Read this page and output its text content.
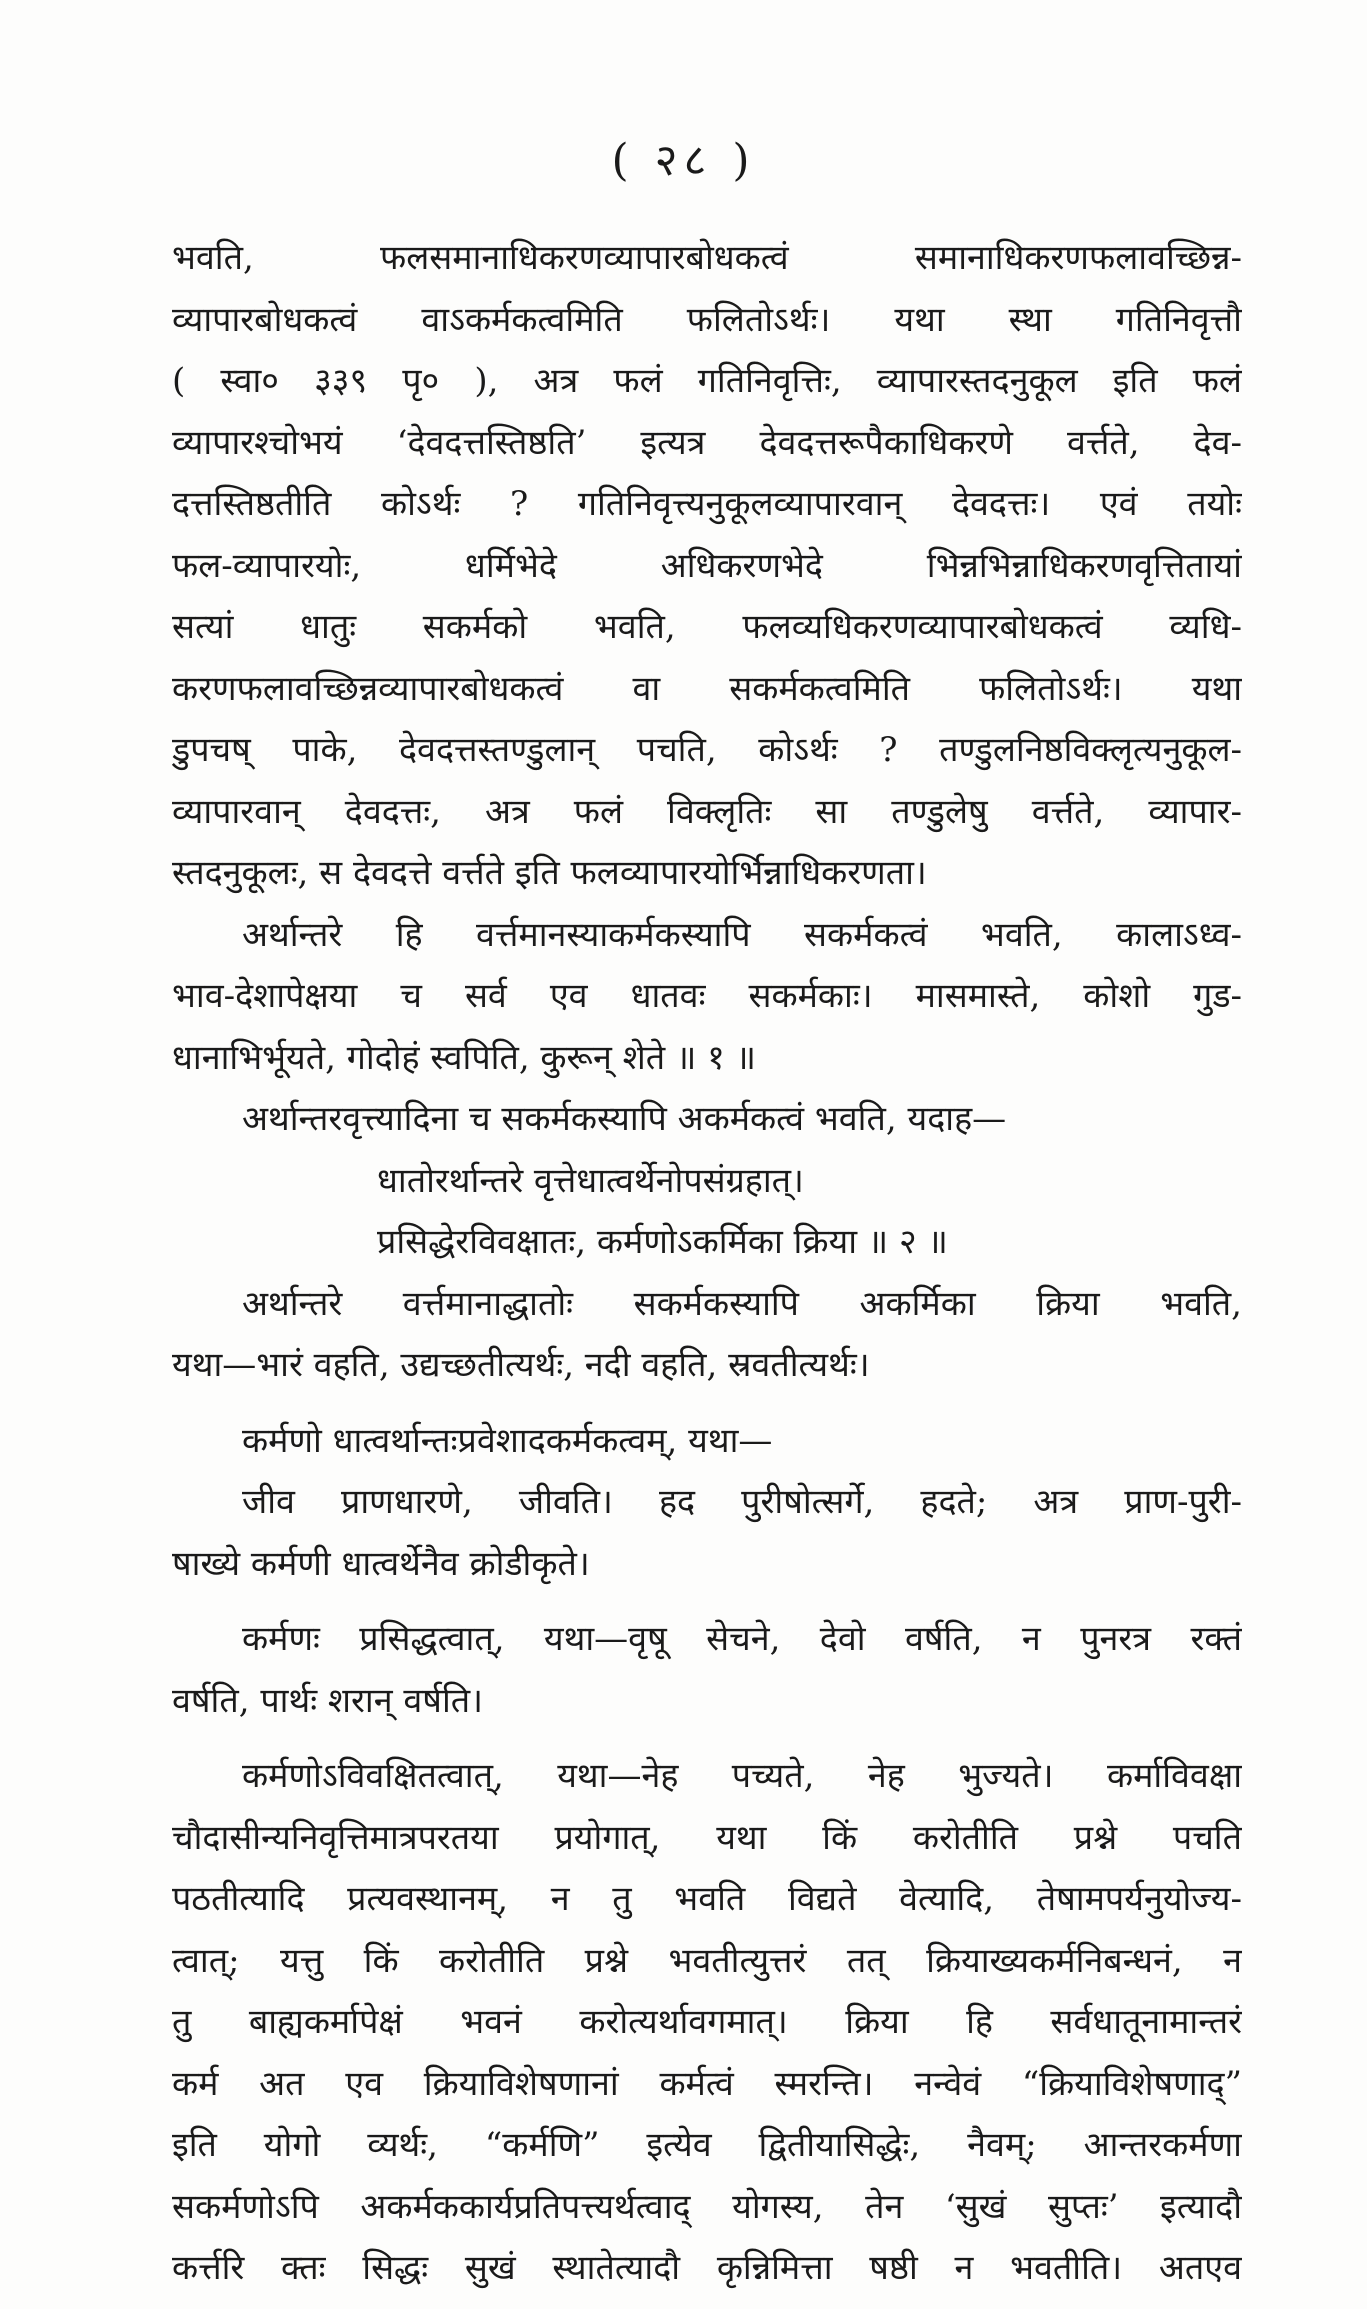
( २८ )
भवति, फलसमानाधिकरणव्यापारबोधकत्वं समानाधिकरणफलावच्छिन्न-
व्यापारबोधकत्वं वाऽकर्मकत्वमिति फलितोऽर्थः। यथा स्था गतिनिवृत्तौ
( स्वा० ३३९ पृ० ), अत्र फलं गतिनिवृत्तिः, व्यापारस्तदनुकूल इति फलं
व्यापारश्चोभयं ‘देवदत्तस्तिष्ठति’ इत्यत्र देवदत्तरूपैकाधिकरणे वर्त्तते, देव-
दत्तस्तिष्ठतीति कोऽर्थः ? गतिनिवृत्त्यनुकूलव्यापारवान् देवदत्तः। एवं तयोः
फल-व्यापारयोः, धर्मिभेदे अधिकरणभेदे भिन्नभिन्नाधिकरणवृत्तितायां
सत्यां धातुः सकर्मको भवति, फलव्यधिकरणव्यापारबोधकत्वं व्यधि-
करणफलावच्छिन्नव्यापारबोधकत्वं वा सकर्मकत्वमिति फलितोऽर्थः। यथा
डुपचष् पाके, देवदत्तस्तण्डुलान् पचति, कोऽर्थः ? तण्डुलनिष्ठविक्लृत्यनुकूल-
व्यापारवान् देवदत्तः, अत्र फलं विक्लृतिः सा तण्डुलेषु वर्त्तते, व्यापार-
स्तदनुकूलः, स देवदत्ते वर्त्तते इति फलव्यापारयोर्भिन्नाधिकरणता।
अर्थान्तरे हि वर्त्तमानस्याकर्मकस्यापि सकर्मकत्वं भवति, कालाऽध्व-
भाव-देशापेक्षया च सर्व एव धातवः सकर्मकाः। मासमास्ते, कोशो गुड-
धानाभिर्भूयते, गोदोहं स्वपिति, कुरून् शेते ॥ १ ॥
अर्थान्तरवृत्त्यादिना च सकर्मकस्यापि अकर्मकत्वं भवति, यदाह—
धातोरर्थान्तरे वृत्तेधात्वर्थेनोपसंग्रहात्।
प्रसिद्धेरविवक्षातः, कर्मणोऽकर्मिका क्रिया ॥ २ ॥
अर्थान्तरे वर्त्तमानाद्धातोः सकर्मकस्यापि अकर्मिका क्रिया भवति,
यथा—भारं वहति, उद्यच्छतीत्यर्थः, नदी वहति, स्रवतीत्यर्थः।
कर्मणो धात्वर्थान्तःप्रवेशादकर्मकत्वम्, यथा—
जीव प्राणधारणे, जीवति। हद पुरीषोत्सर्गे, हदते; अत्र प्राण-पुरी-
षाख्ये कर्मणी धात्वर्थेनैव क्रोडीकृते।
कर्मणः प्रसिद्धत्वात्, यथा—वृषू सेचने, देवो वर्षति, न पुनरत्र रक्तं
वर्षति, पार्थः शरान् वर्षति।
कर्मणोऽविवक्षितत्वात्, यथा—नेह पच्यते, नेह भुज्यते। कर्माविवक्षा
चौदासीन्यनिवृत्तिमात्रपरतया प्रयोगात्, यथा किं करोतीति प्रश्ने पचति
पठतीत्यादि प्रत्यवस्थानम्, न तु भवति विद्यते वेत्यादि, तेषामपर्यनुयोज्य-
त्वात्; यत्तु किं करोतीति प्रश्ने भवतीत्युत्तरं तत् क्रियाख्यकर्मनिबन्धनं, न
तु बाह्यकर्मापेक्षं भवनं करोत्यर्थावगमात्। क्रिया हि सर्वधातूनामान्तरं
कर्म अत एव क्रियाविशेषणानां कर्मत्वं स्मरन्ति। नन्वेवं “क्रियाविशेषणाद्”
इति योगो व्यर्थः, “कर्मणि” इत्येव द्वितीयासिद्धेः, नैवम्; आन्तरकर्मणा
सकर्मणोऽपि अकर्मककार्यप्रतिपत्त्यर्थत्वाद् योगस्य, तेन ‘सुखं सुप्तः’ इत्यादौ
कर्त्तरि क्तः सिद्धः सुखं स्थातेत्यादौ कृन्निमित्ता षष्ठी न भवतीति। अतएव
